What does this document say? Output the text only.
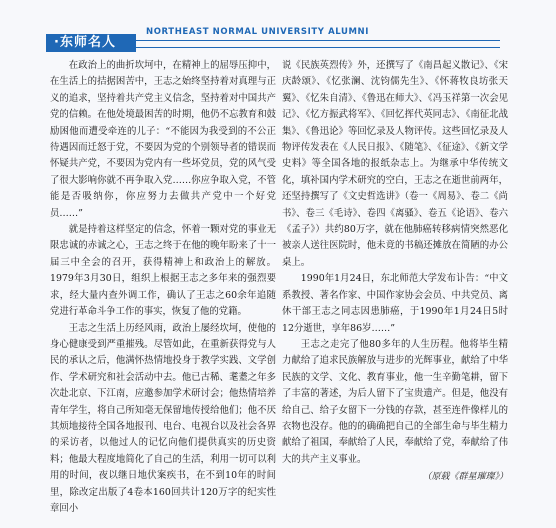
·东师名人
NORTHEAST NORMAL UNIVERSITY ALUMNI

在政治上的曲折坎坷中，在精神上的屈辱压抑中，在生活上的拮据困苦中，王志之始终坚持着对真理与正义的追求，坚持着共产党主义信念，坚持着对中国共产党的信赖。在他处境最困苦的时期，他仍不忘教育和鼓励困他而遭受牵连的儿子：“不能因为我受到的不公正待遇因而迁怒于党，不要因为党的个别领导者的错误而怀疑共产党，不要因为党内有一些坏党员，党的风气受了很大影响你就不再争取入党……你应争取入党，不管能是否吸纳你，你应努力去做共产党中一个好党员……”

就是持着这样坚定的信念，怀着一颗对党的事业无限忠诚的赤诚之心，王志之终于在他的晚年盼来了十一届三中全会的召开，获得精神上和政治上的解放。1979年3月30日，组织上根据王志之多年来的强烈要求，经大量内查外调工作，确认了王志之60余年追随党进行革命斗争工作的事实，恢复了他的党籍。

王志之生活上历经风雨，政治上屡经坎坷，使他的身心健康受到严重摧残。尽管如此，在重新获得党与人民的承认之后，他满怀热情地投身于教学实践、文学创作、学术研究和社会活动中去。他已古稀、耄耋之年多次赴北京、下江南，应邀参加学术研讨会；他热情培养青年学生，将自己所知毫无保留地传授给他们；他不厌其烦地接待全国各地报刊、电台、电视台以及社会各界的采访者，以他过人的记忆向他们提供真实的历史资料；他最大程度地简化了自己的生活，利用一切可以利用的时间，夜以继日地伏案疾书，在不到10年的时间里，除改定出版了4卷本160回共计120万字的纪实性章回小

说《民族英烈传》外，还撰写了《南昌起义散记》、《宋庆龄颂》、《忆张澜、沈钧儒先生》、《怀蒋牧良坊张天翼》、《忆朱自清》、《鲁迅在师大》、《冯玉祥第一次会见记》、《忆方振武将军》、《回忆挥代英同志》、《南征北战集》、《鲁迅论》等回忆录及人物评传。这些回忆录及人物评传发表在《人民日报》、《随笔》、《征途》、《新文学史料》等全国各地的报纸杂志上。为继承中华传统文化，填补国内学术研究的空白，王志之在逝世前两年，还坚持撰写了《文史哲选讲》（卷一《周易》、卷二《尚书》、卷三《毛诗》、卷四《离骚》、卷五《论语》、卷六《孟子》）共约80万字，就在他肺癌转移病情突然恶化被亲人送往医院时，他未竟的书稿还摊放在简陋的办公桌上。

1990年1月24日，东北师范大学发布讣告：“中文系教授、著名作家、中国作家协会会员、中共党员、离休干部王志之同志因患肺癌，于1990年1月24日5时12分逝世，享年86岁……”

王志之走完了他80多年的人生历程。他将毕生精力献给了追求民族解放与进步的光辉事业，献给了中华民族的文学、文化、教育事业，他一生辛勤笔耕，留下了丰富的著述，为后人留下了宝贵遗产。但是，他没有给自己、给子女留下一分钱的存款，甚至连件像样儿的衣物也没存。他的的确确把自己的全部生命与毕生精力献给了祖国，奉献给了人民，奉献给了党，奉献给了伟大的共产主义事业。

（原载《群星璀璨》）
